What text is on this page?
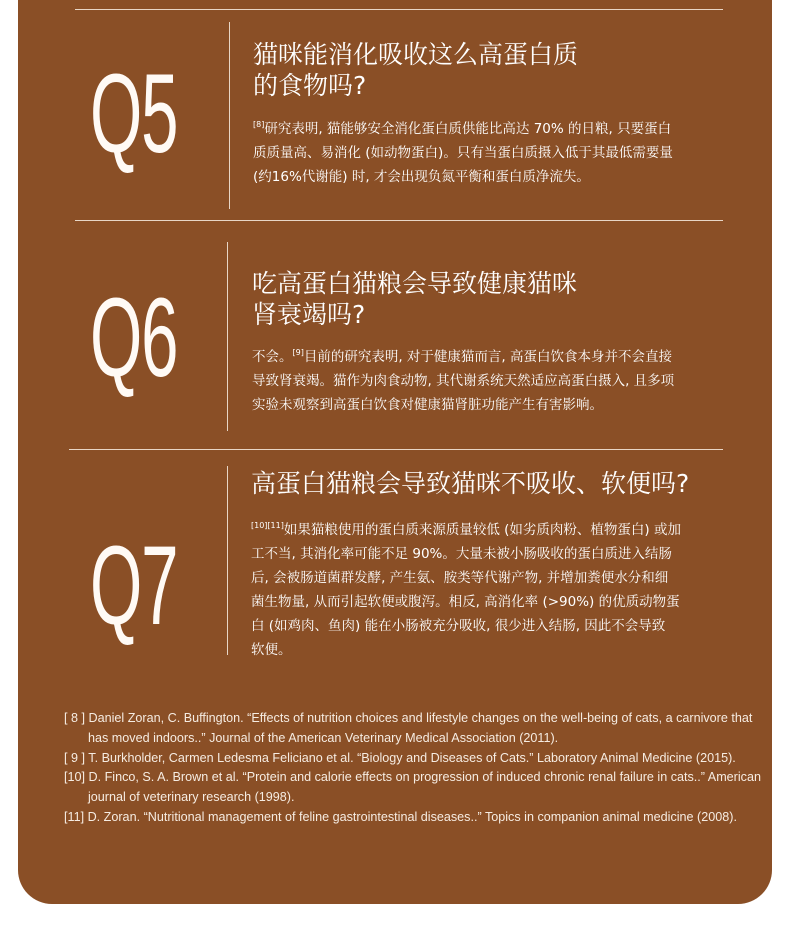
Q5	猫咪能消化吸收这么高蛋白质
的食物吗?
[8]研究表明, 猫能够安全消化蛋白质供能比高达 70% 的日粮, 只要蛋白
质质量高、易消化 (如动物蛋白)。只有当蛋白质摄入低于其最低需要量
(约16%代谢能) 时, 才会出现负氮平衡和蛋白质净流失。
Q6	吃高蛋白猫粮会导致健康猫咪
肾衰竭吗?
不会。[9]目前的研究表明, 对于健康猫而言, 高蛋白饮食本身并不会直接
导致肾衰竭。猫作为肉食动物, 其代谢系统天然适应高蛋白摄入, 且多项
实验未观察到高蛋白饮食对健康猫肾脏功能产生有害影响。
Q7
高蛋白猫粮会导致猫咪不吸收、软便吗?
[10][11]如果猫粮使用的蛋白质来源质量较低 (如劣质肉粉、植物蛋白) 或加
工不当, 其消化率可能不足 90%。大量未被小肠吸收的蛋白质进入结肠
后, 会被肠道菌群发酵, 产生氨、胺类等代谢产物, 并增加粪便水分和细
菌生物量, 从而引起软便或腹泻。相反, 高消化率 (>90%) 的优质动物蛋
白 (如鸡肉、鱼肉) 能在小肠被充分吸收, 很少进入结肠, 因此不会导致
软便。
[ 8 ] Daniel Zoran, C. Buffington. “Effects of nutrition choices and lifestyle changes on the well-being of cats, a carnivore that has moved indoors..” Journal of the American Veterinary Medical Association (2011).
[ 9 ] T. Burkholder, Carmen Ledesma Feliciano et al. “Biology and Diseases of Cats.” Laboratory Animal Medicine (2015).
[10] D. Finco, S. A. Brown et al. “Protein and calorie effects on progression of induced chronic renal failure in cats..” American journal of veterinary research (1998).
[11] D. Zoran. “Nutritional management of feline gastrointestinal diseases..” Topics in companion animal medicine (2008).
